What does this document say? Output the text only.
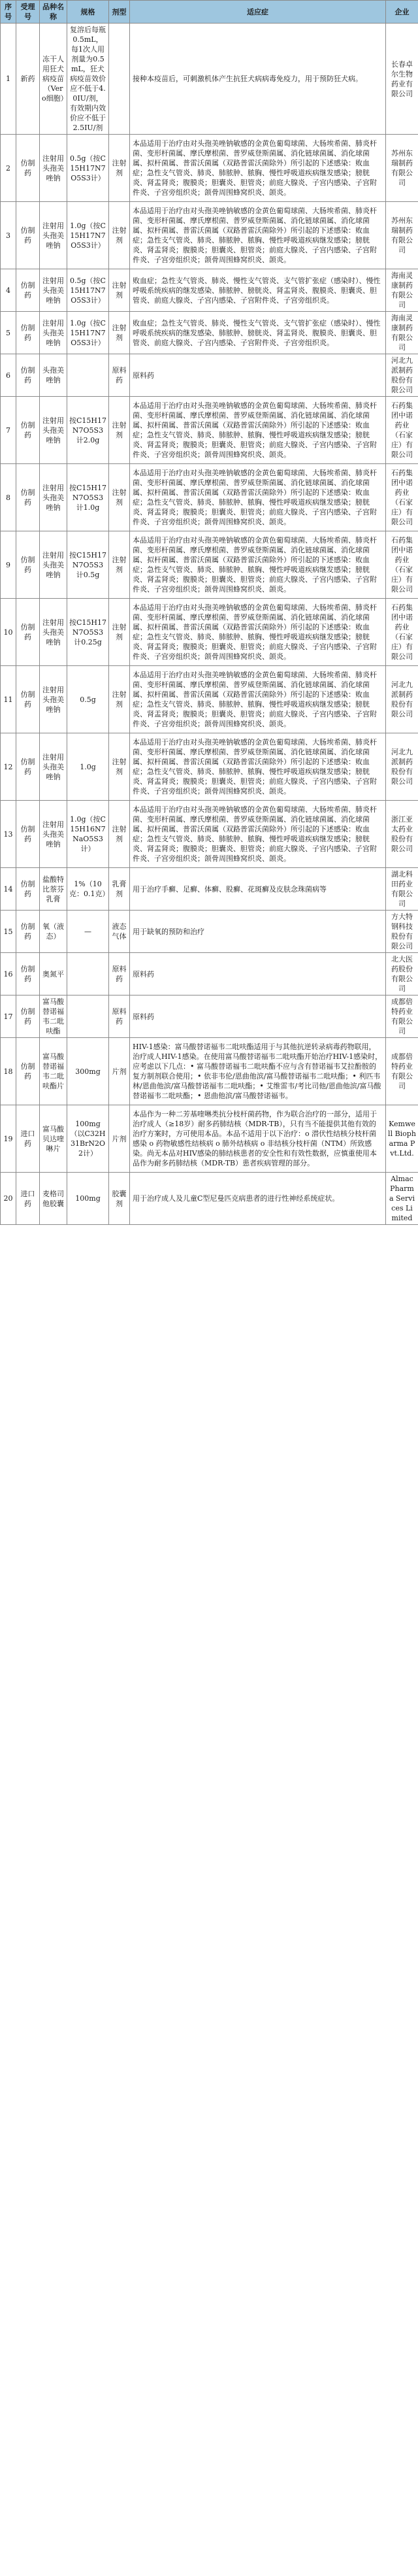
序号	受理号	品种名称	规格	剂型	适应症	企业
1	新药	冻干人用狂犬病疫苗（Vero细胞）	复溶后每瓶0.5mL，每1次人用剂量为0.5mL，狂犬病疫苗效价应不低于4.0IU/剂，有效期内效价应不低于2.5IU/剂		接种本疫苗后，可刺激机体产生抗狂犬病病毒免疫力，用于预防狂犬病。	长春卓尔生物药业有限公司
2	仿制药	注射用头孢美唑钠	0.5g（按C15H17N7O5S3计）	注射剂	本品适用于治疗由对头孢美唑钠敏感的金黄色葡萄球菌、大肠埃希菌、肺炎杆菌、变形杆菌属、摩氏摩根菌、普罗威登斯菌属、消化链球菌属、消化球菌属、拟杆菌属、普雷沃菌属（双路普雷沃菌除外）所引起的下述感染：败血症；急性支气管炎、肺炎、肺脓肿、脓胸、慢性呼吸道疾病继发感染；膀胱炎、肾盂肾炎；腹膜炎；胆囊炎、胆管炎；前庭大腺炎、子宫内感染、子宫附件炎、子宫旁组织炎；颌骨周围蜂窝织炎、颌炎。	苏州东瑞制药有限公司
3	仿制药	注射用头孢美唑钠	1.0g（按C15H17N7O5S3计）	注射剂	本品适用于治疗由对头孢美唑钠敏感的金黄色葡萄球菌、大肠埃希菌、肺炎杆菌、变形杆菌属、摩氏摩根菌、普罗威登斯菌属、消化链球菌属、消化球菌属、拟杆菌属、普雷沃菌属（双路普雷沃菌除外）所引起的下述感染：败血症；急性支气管炎、肺炎、肺脓肿、脓胸、慢性呼吸道疾病继发感染；膀胱炎、肾盂肾炎；腹膜炎；胆囊炎、胆管炎；前庭大腺炎、子宫内感染、子宫附件炎、子宫旁组织炎；颌骨周围蜂窝织炎、颌炎。	苏州东瑞制药有限公司
4	仿制药	注射用头孢美唑钠	0.5g（按C15H17N7O5S3计）	注射剂	败血症；急性支气管炎、肺炎、慢性支气管炎、支气管扩张症（感染时）、慢性呼吸系统疾病的继发感染、肺脓肿、膀胱炎、肾盂肾炎、腹膜炎、胆囊炎、胆管炎、前庭大腺炎、子宫内感染、子宫附件炎、子宫旁组织炎。	海南灵康制药有限公司
5	仿制药	注射用头孢美唑钠	1.0g（按C15H17N7O5S3计）	注射剂	败血症；急性支气管炎、肺炎、慢性支气管炎、支气管扩张症（感染时）、慢性呼吸系统疾病的继发感染、肺脓肿、膀胱炎、肾盂肾炎、腹膜炎、胆囊炎、胆管炎、前庭大腺炎、子宫内感染、子宫附件炎、子宫旁组织炎。	海南灵康制药有限公司
6	仿制药	头孢美唑钠		原料药	原料药	河北九派制药股份有限公司
7	仿制药	注射用头孢美唑钠	按C15H17N7O5S3计2.0g	注射剂	本品适用于治疗由对头孢美唑钠敏感的金黄色葡萄球菌、大肠埃希菌、肺炎杆菌、变形杆菌属、摩氏摩根菌、普罗威登斯菌属、消化链球菌属、消化球菌属、拟杆菌属、普雷沃菌属（双路普雷沃菌除外）所引起的下述感染：败血症；急性支气管炎、肺炎、肺脓肿、脓胸、慢性呼吸道疾病继发感染；膀胱炎、肾盂肾炎；腹膜炎；胆囊炎、胆管炎；前庭大腺炎、子宫内感染、子宫附件炎、子宫旁组织炎；颌骨周围蜂窝织炎、颌炎。	石药集团中诺药业（石家庄）有限公司
8	仿制药	注射用头孢美唑钠	按C15H17N7O5S3计1.0g	注射剂	本品适用于治疗由对头孢美唑钠敏感的金黄色葡萄球菌、大肠埃希菌、肺炎杆菌、变形杆菌属、摩氏摩根菌、普罗威登斯菌属、消化链球菌属、消化球菌属、拟杆菌属、普雷沃菌属（双路普雷沃菌除外）所引起的下述感染：败血症；急性支气管炎、肺炎、肺脓肿、脓胸、慢性呼吸道疾病继发感染；膀胱炎、肾盂肾炎；腹膜炎；胆囊炎、胆管炎；前庭大腺炎、子宫内感染、子宫附件炎、子宫旁组织炎；颌骨周围蜂窝织炎、颌炎。	石药集团中诺药业（石家庄）有限公司
9	仿制药	注射用头孢美唑钠	按C15H17N7O5S3计0.5g	注射剂	本品适用于治疗由对头孢美唑钠敏感的金黄色葡萄球菌、大肠埃希菌、肺炎杆菌、变形杆菌属、摩氏摩根菌、普罗威登斯菌属、消化链球菌属、消化球菌属、拟杆菌属、普雷沃菌属（双路普雷沃菌除外）所引起的下述感染：败血症；急性支气管炎、肺炎、肺脓肿、脓胸、慢性呼吸道疾病继发感染；膀胱炎、肾盂肾炎；腹膜炎；胆囊炎、胆管炎；前庭大腺炎、子宫内感染、子宫附件炎、子宫旁组织炎；颌骨周围蜂窝织炎、颌炎。	石药集团中诺药业（石家庄）有限公司
10	仿制药	注射用头孢美唑钠	按C15H17N7O5S3计0.25g	注射剂	本品适用于治疗由对头孢美唑钠敏感的金黄色葡萄球菌、大肠埃希菌、肺炎杆菌、变形杆菌属、摩氏摩根菌、普罗威登斯菌属、消化链球菌属、消化球菌属、拟杆菌属、普雷沃菌属（双路普雷沃菌除外）所引起的下述感染：败血症；急性支气管炎、肺炎、肺脓肿、脓胸、慢性呼吸道疾病继发感染；膀胱炎、肾盂肾炎；腹膜炎；胆囊炎、胆管炎；前庭大腺炎、子宫内感染、子宫附件炎、子宫旁组织炎；颌骨周围蜂窝织炎、颌炎。	石药集团中诺药业（石家庄）有限公司
11	仿制药	注射用头孢美唑钠	0.5g	注射剂	本品适用于治疗由对头孢美唑钠敏感的金黄色葡萄球菌、大肠埃希菌、肺炎杆菌、变形杆菌属、摩氏摩根菌、普罗威登斯菌属、消化链球菌属、消化球菌属、拟杆菌属、普雷沃菌属（双路普雷沃菌除外）所引起的下述感染：败血症；急性支气管炎、肺炎、肺脓肿、脓胸、慢性呼吸道疾病继发感染；膀胱炎、肾盂肾炎；腹膜炎；胆囊炎、胆管炎；前庭大腺炎、子宫内感染、子宫附件炎、子宫旁组织炎；颌骨周围蜂窝织炎、颌炎。	河北九派制药股份有限公司
12	仿制药	注射用头孢美唑钠	1.0g	注射剂	本品适用于治疗由对头孢美唑钠敏感的金黄色葡萄球菌、大肠埃希菌、肺炎杆菌、变形杆菌属、摩氏摩根菌、普罗威登斯菌属、消化链球菌属、消化球菌属、拟杆菌属、普雷沃菌属（双路普雷沃菌除外）所引起的下述感染：败血症；急性支气管炎、肺炎、肺脓肿、脓胸、慢性呼吸道疾病继发感染；膀胱炎、肾盂肾炎；腹膜炎；胆囊炎、胆管炎；前庭大腺炎、子宫内感染、子宫附件炎、子宫旁组织炎；颌骨周围蜂窝织炎、颌炎。	河北九派制药股份有限公司
13	仿制药	注射用头孢美唑钠	1.0g（按C15H16N7NaO5S3计）	注射剂	本品适用于治疗由对头孢美唑钠敏感的金黄色葡萄球菌、大肠埃希菌、肺炎杆菌、变形杆菌属、摩氏摩根菌、普罗威登斯菌属、消化链球菌属、消化球菌属、拟杆菌属、普雷沃菌属（双路普雷沃菌除外）所引起的下述感染：败血症；急性支气管炎、肺炎、肺脓肿、脓胸、慢性呼吸道疾病继发感染；膀胱炎、肾盂肾炎；腹膜炎；胆囊炎、胆管炎；前庭大腺炎、子宫内感染、子宫附件炎、子宫旁组织炎；颌骨周围蜂窝织炎、颌炎。	浙江亚太药业股份有限公司
14	仿制药	盐酸特比萘芬乳膏	1%（10克：0.1克）	乳膏剂	用于治疗手癣、足癣、体癣、股癣、花斑癣及皮肤念珠菌病等	湖北科田药业有限公司
15	仿制药	氧（液态）	—	液态气体	用于缺氧的预防和治疗	方大特钢科技股份有限公司
16	仿制药	奥氮平		原料药	原料药	北大医药股份有限公司
17	仿制药	富马酸替诺福韦二吡呋酯		原料药	原料药	成都倍特药业有限公司
18	仿制药	富马酸替诺福韦二吡呋酯片	300mg	片剂	HIV-1感染：富马酸替诺福韦二吡呋酯适用于与其他抗逆转录病毒药物联用，治疗成人HIV-1感染。在使用富马酸替诺福韦二吡呋酯开始治疗HIV-1感染时，应考虑以下几点：• 富马酸替诺福韦二吡呋酯不应与含有替诺福韦艾拉酚胺的复方制剂联合使用；• 依非韦伦/恩曲他滨/富马酸替诺福韦二吡呋酯；• 利匹韦林/恩曲他滨/富马酸替诺福韦二吡呋酯；• 艾维雷韦/考比司他/恩曲他滨/富马酸替诺福韦二吡呋酯；• 恩曲他滨/富马酸替诺福韦。	成都倍特药业有限公司
19	进口药	富马酸贝达喹啉片	100mg（以C32H31BrN2O2计）	片剂	本品作为一种二芳基喹啉类抗分枝杆菌药物，作为联合治疗的一部分，适用于治疗成人（≥18岁）耐多药肺结核（MDR-TB），只有当不能提供其他有效的治疗方案时，方可使用本品。本品不适用于以下治疗：o 潜伏性结核分枝杆菌感染 o 药物敏感性结核病 o 肺外结核病 o 非结核分枝杆菌（NTM）所致感染。尚无本品对HIV感染的肺结核患者的安全性和有效性数据，应慎重使用本品作为耐多药肺结核（MDR-TB）患者疾病管理的部分。	Kemwell Biopharma Pvt.Ltd.
20	进口药	麦格司他胶囊	100mg	胶囊剂	用于治疗成人及儿童C型尼曼匹克病患者的进行性神经系统症状。	Almac Pharma Services Limited
